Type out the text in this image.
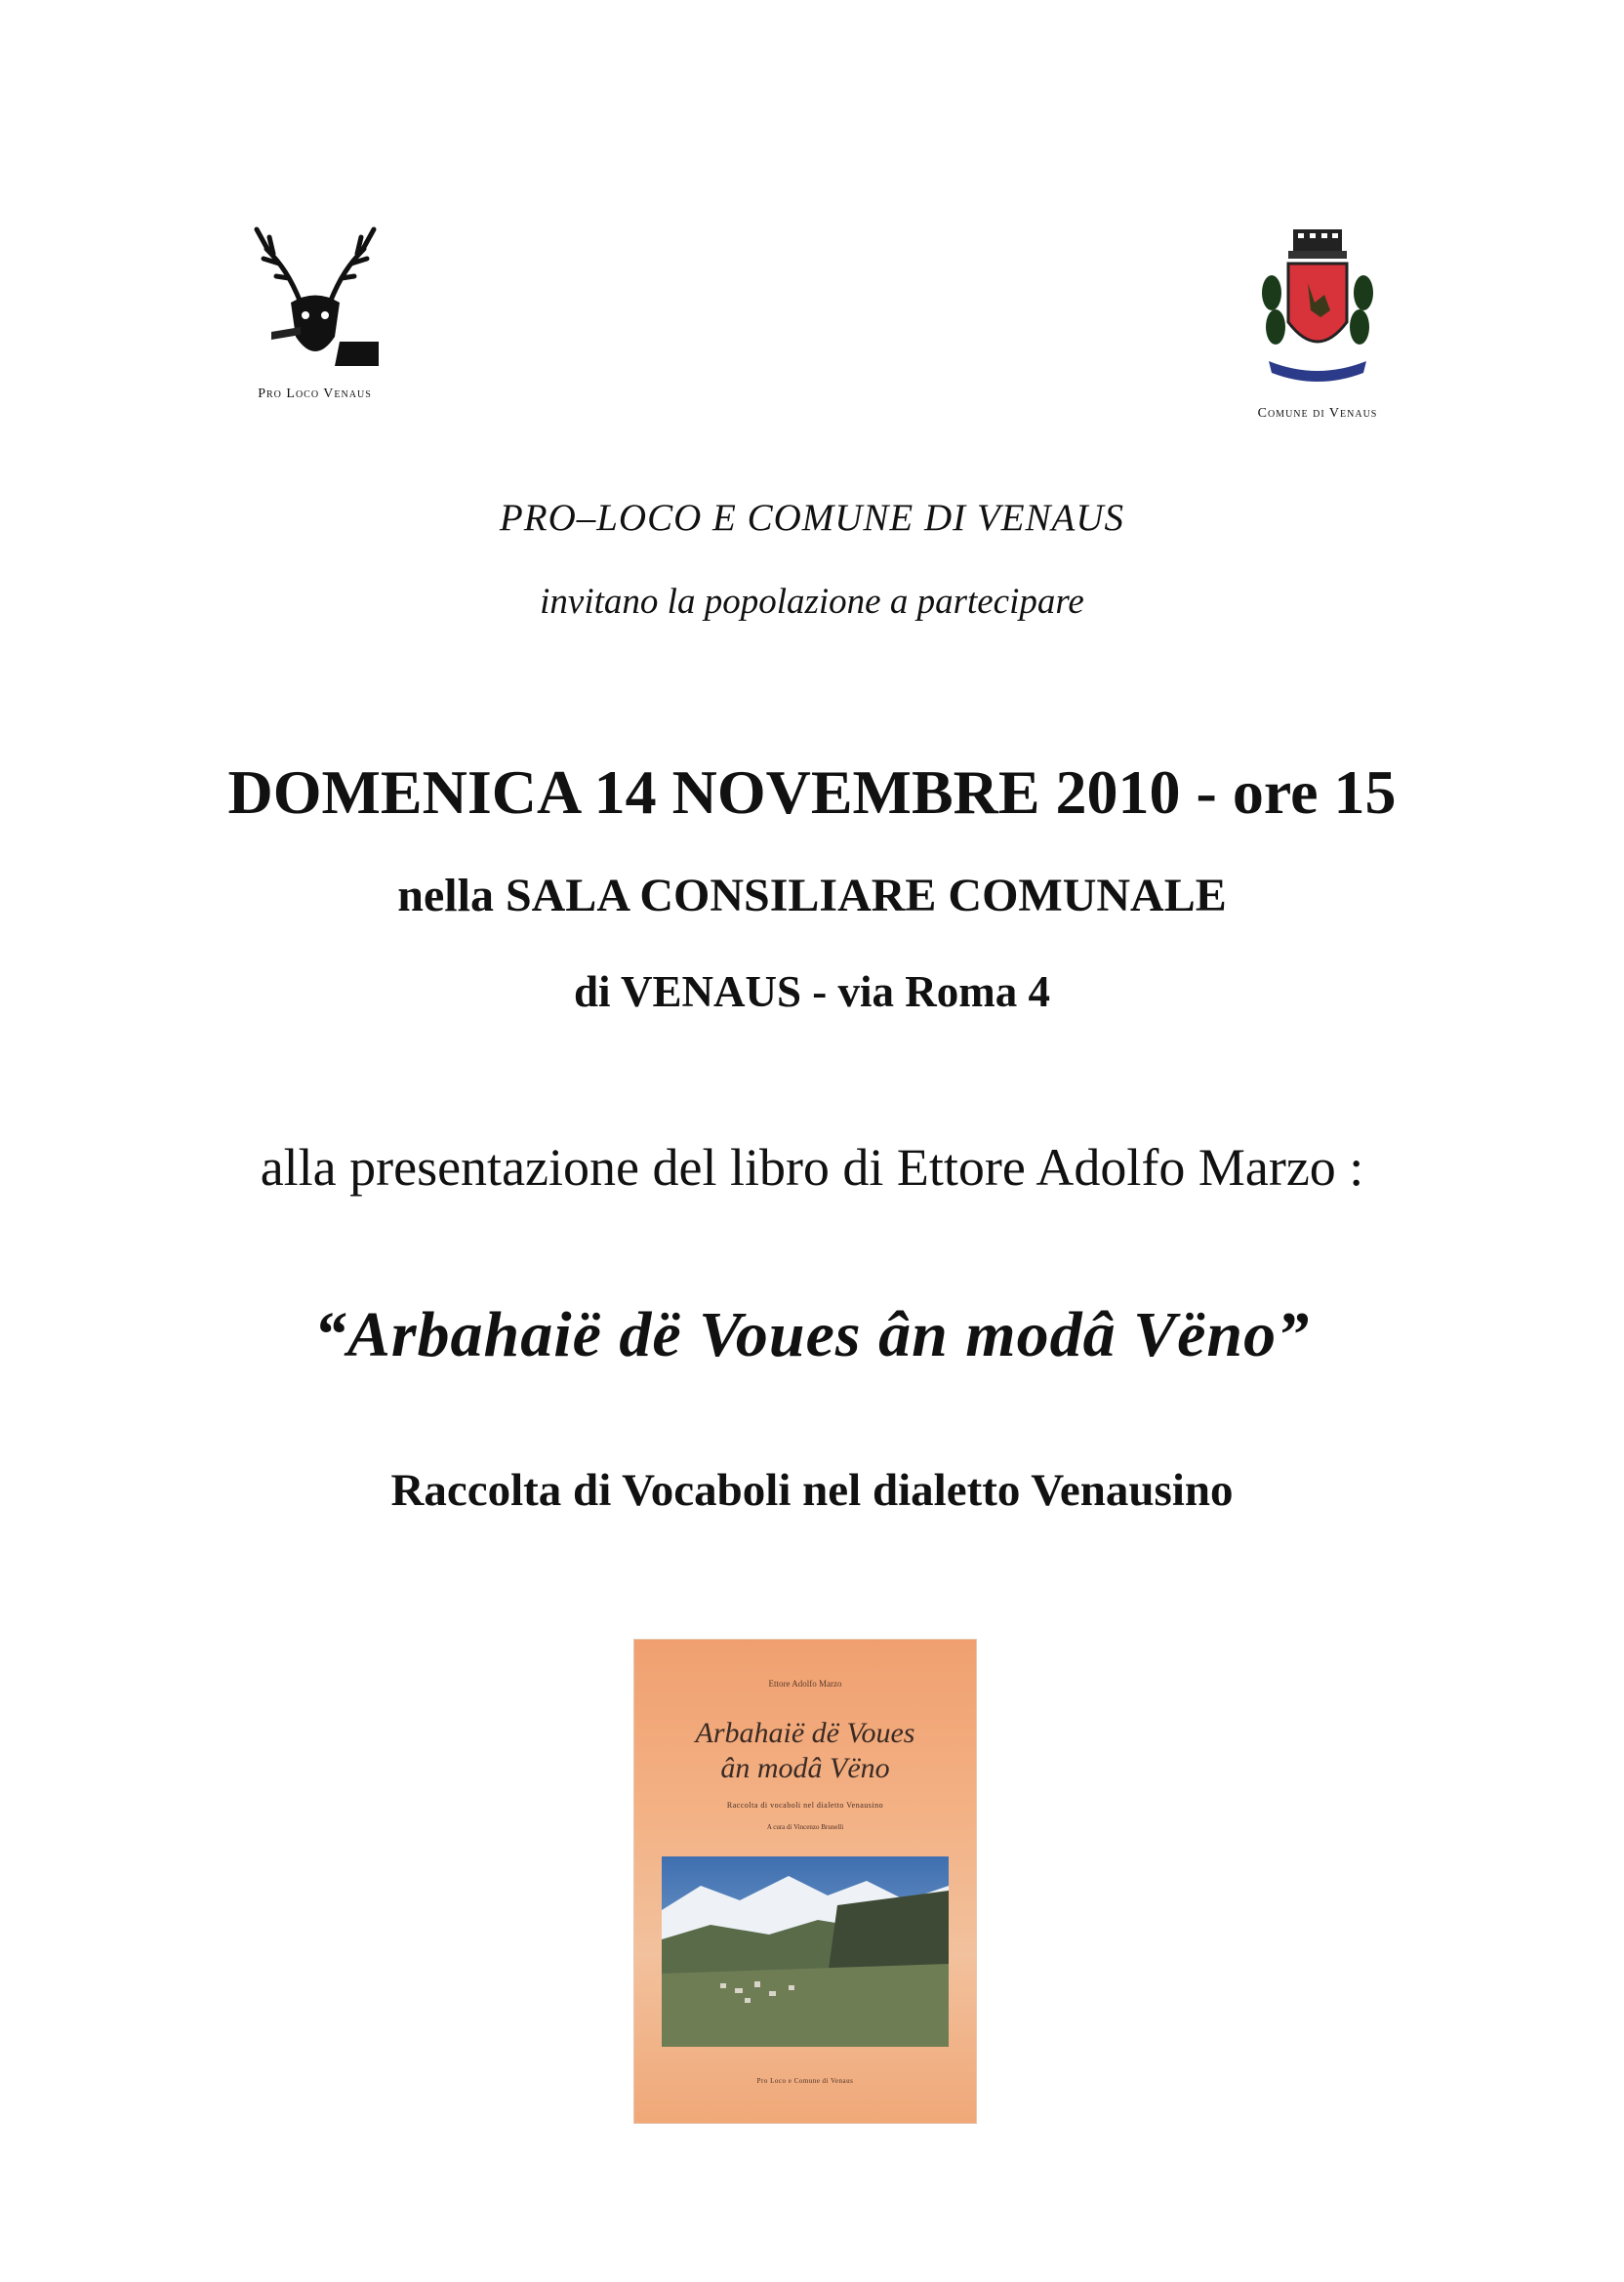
Pro Loco Venaus
Comune di Venaus
PRO–LOCO E COMUNE DI VENAUS
invitano la popolazione a partecipare
DOMENICA 14 NOVEMBRE 2010 - ore 15
nella SALA CONSILIARE COMUNALE
di VENAUS - via Roma 4
alla presentazione del libro di Ettore Adolfo Marzo :
“Arbahaië dë Voues ân modâ Vëno”
Raccolta di Vocaboli nel dialetto Venausino
Ettore Adolfo Marzo
Arbahaië dë Voues
ân modâ Vëno
Raccolta di vocaboli nel dialetto Venausino
A cura di Vincenzo Brunelli
Pro Loco e Comune di Venaus
